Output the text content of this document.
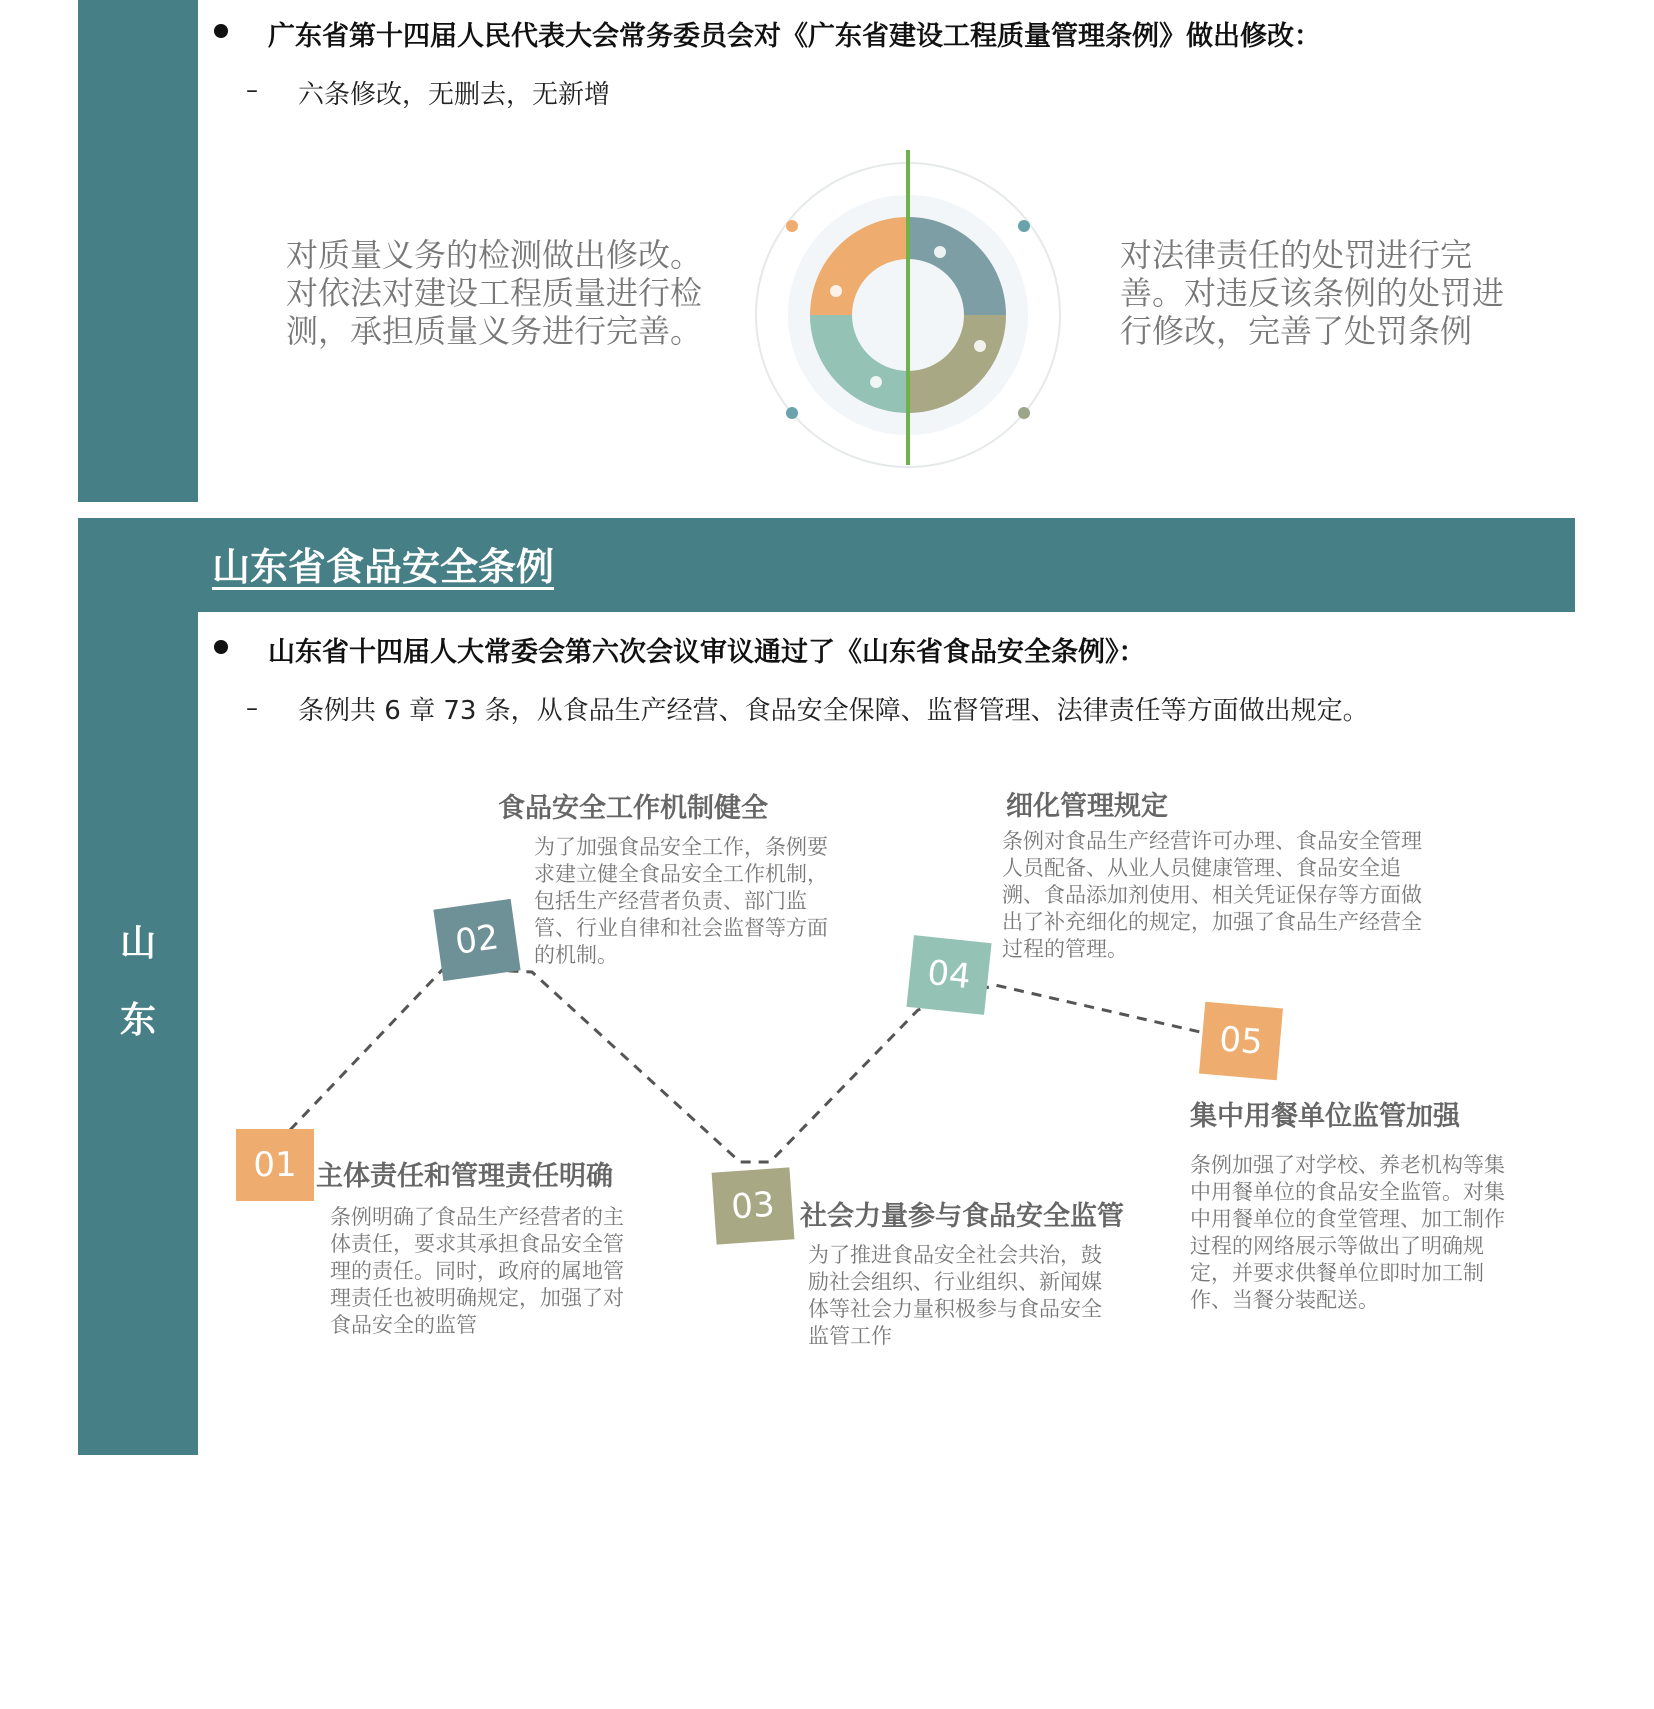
山东省食品安全条例
山
东
广东省第十四届人民代表大会常务委员会对《广东省建设工程质量管理条例》做出修改：
– 六条修改，无删去，无新增
对质量义务的检测做出修改。对依法对建设工程质量进行检测，承担质量义务进行完善。
对法律责任的处罚进行完善。对违反该条例的处罚进行修改，完善了处罚条例
山东省十四届人大常委会第六次会议审议通过了《山东省食品安全条例》：
– 条例共 6 章 73 条，从食品生产经营、食品安全保障、监督管理、法律责任等方面做出规定。
01
02
03
04
05
主体责任和管理责任明确
条例明确了食品生产经营者的主体责任，要求其承担食品安全管理的责任。同时，政府的属地管理责任也被明确规定，加强了对食品安全的监管
食品安全工作机制健全
为了加强食品安全工作，条例要求建立健全食品安全工作机制，包括生产经营者负责、部门监管、行业自律和社会监督等方面的机制。
社会力量参与食品安全监管
为了推进食品安全社会共治，鼓励社会组织、行业组织、新闻媒体等社会力量积极参与食品安全监管工作
细化管理规定
条例对食品生产经营许可办理、食品安全管理人员配备、从业人员健康管理、食品安全追溯、食品添加剂使用、相关凭证保存等方面做出了补充细化的规定，加强了食品生产经营全过程的管理。
集中用餐单位监管加强
条例加强了对学校、养老机构等集中用餐单位的食品安全监管。对集中用餐单位的食堂管理、加工制作过程的网络展示等做出了明确规定，并要求供餐单位即时加工制作、当餐分装配送。
